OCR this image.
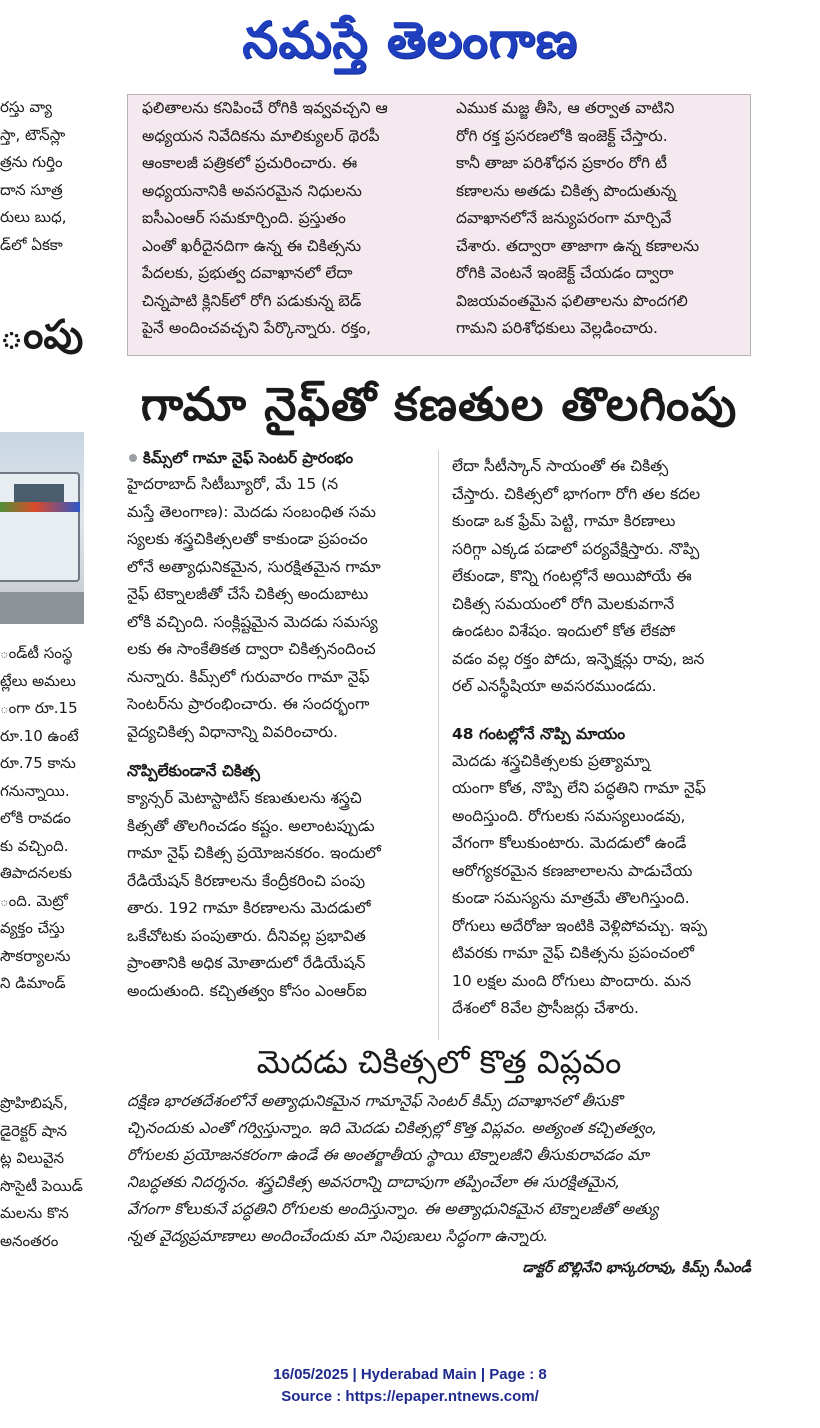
నమస్తే తెలంగాణ
రస్తు వ్యా
స్తా, టౌన్‌స్లా
త్రను గుర్తిం
దాన సూత్ర
రులు బుధ,
డ్‌లో ఏకకా
ంపు
ండ్‌టీ సంస్థ
ట్లేలు అమలు
ంగా రూ.15
రూ.10 ఉంటే
రూ.75 కాను
గనున్నాయి.
లోకి రావడం
కు వచ్చింది.
తిపాదనలకు
ంది. మెట్రో
వ్యక్తం చేస్తు
సౌకర్యాలను
ని డిమాండ్
ప్రొహిబిషన్,
డైరెక్టర్ షాన
ట్ల విలువైన
సొసైటీ పెయిడ్
మలను కొన
అనంతరం
ఫలితాలను కనిపించే రోగికి ఇవ్వవచ్చని ఆ
అధ్యయన నివేదికను మాలిక్యులర్ థెరపీ
ఆంకాలజీ పత్రికలో ప్రచురించారు. ఈ
అధ్యయనానికి అవసరమైన నిధులను
ఐసీఎంఆర్ సమకూర్చింది. ప్రస్తుతం
ఎంతో ఖరీదైనదిగా ఉన్న ఈ చికిత్సను
పేదలకు, ప్రభుత్వ దవాఖానలో లేదా
చిన్నపాటి క్లినిక్‌లో రోగి పడుకున్న బెడ్
పైనే అందించవచ్చని పేర్కొన్నారు. రక్తం,
ఎముక మజ్జ తీసి, ఆ తర్వాత వాటిని
రోగి రక్త ప్రసరణలోకి ఇంజెక్ట్ చేస్తారు.
కానీ తాజా పరిశోధన ప్రకారం రోగి టీ
కణాలను అతడు చికిత్స పొందుతున్న
దవాఖానలోనే జన్యుపరంగా మార్చివే
చేశారు. తద్వారా తాజాగా ఉన్న కణాలను
రోగికి వెంటనే ఇంజెక్ట్ చేయడం ద్వారా
విజయవంతమైన ఫలితాలను పొందగలి
గామని పరిశోధకులు వెల్లడించారు.
గామా నైఫ్‌తో కణతుల తొలగింపు
కిమ్స్‌లో గామా నైఫ్ సెంటర్ ప్రారంభం
హైదరాబాద్ సిటీబ్యూరో, మే 15 (న
మస్తే తెలంగాణ): మెదడు సంబంధిత సమ
స్యలకు శస్త్రచికిత్సలతో కాకుండా ప్రపంచం
లోనే అత్యాధునికమైన, సురక్షితమైన గామా
నైఫ్ టెక్నాలజీతో చేసే చికిత్స అందుబాటు
లోకి వచ్చింది. సంక్లిష్టమైన మెదడు సమస్య
లకు ఈ సాంకేతికత ద్వారా చికిత్సనందించ
నున్నారు. కిమ్స్‌లో గురువారం గామా నైఫ్
సెంటర్‌ను ప్రారంభించారు. ఈ సందర్భంగా
వైద్యచికిత్స విధానాన్ని వివరించారు.
నొప్పిలేకుండానే చికిత్స
క్యాన్సర్ మెటాస్టాటిస్ కణుతులను శస్త్రచి
కిత్సతో తొలగించడం కష్టం. అలాంటప్పుడు
గామా నైఫ్ చికిత్స ప్రయోజనకరం. ఇందులో
రేడియేషన్ కిరణాలను కేంద్రీకరించి పంపు
తారు. 192 గామా కిరణాలను మెదడులో
ఒకేచోటకు పంపుతారు. దీనివల్ల ప్రభావిత
ప్రాంతానికి అధిక మోతాదులో రేడియేషన్
అందుతుంది. కచ్చితత్వం కోసం ఎంఆర్ఐ
లేదా సీటీస్కాన్ సాయంతో ఈ చికిత్స
చేస్తారు. చికిత్సలో భాగంగా రోగి తల కదల
కుండా ఒక ఫ్రేమ్ పెట్టి, గామా కిరణాలు
సరిగ్గా ఎక్కడ పడాలో పర్యవేక్షిస్తారు. నొప్పి
లేకుండా, కొన్ని గంటల్లోనే అయిపోయే ఈ
చికిత్స సమయంలో రోగి మెలకువగానే
ఉండటం విశేషం. ఇందులో కోత లేకపో
వడం వల్ల రక్తం పోదు, ఇన్ఫెక్షన్లు రావు, జన
రల్ ఎనస్థీషియా అవసరముండదు.
48 గంటల్లోనే నొప్పి మాయం
మెదడు శస్త్రచికిత్సలకు ప్రత్యామ్నా
యంగా కోత, నొప్పి లేని పద్ధతిని గామా నైఫ్
అందిస్తుంది. రోగులకు సమస్యలుండవు,
వేగంగా కోలుకుంటారు. మెదడులో ఉండే
ఆరోగ్యకరమైన కణజాలాలను పాడుచేయ
కుండా సమస్యను మాత్రమే తొలగిస్తుంది.
రోగులు అదేరోజు ఇంటికి వెళ్లిపోవచ్చు. ఇప్ప
టివరకు గామా నైఫ్ చికిత్సను ప్రపంచంలో
10 లక్షల మంది రోగులు పొందారు. మన
దేశంలో 8వేల ప్రొసీజర్లు చేశారు.
మెదడు చికిత్సలో కొత్త విప్లవం
దక్షిణ భారతదేశంలోనే అత్యాధునికమైన గామానైఫ్ సెంటర్ కిమ్స్ దవాఖానలో తీసుకొ
చ్చినందుకు ఎంతో గర్విస్తున్నాం. ఇది మెదడు చికిత్సల్లో కొత్త విప్లవం. అత్యంత కచ్చితత్వం,
రోగులకు ప్రయోజనకరంగా ఉండే ఈ అంతర్జాతీయ స్థాయి టెక్నాలజీని తీసుకురావడం మా
నిబద్ధతకు నిదర్శనం. శస్త్రచికిత్స అవసరాన్ని దాదాపుగా తప్పించేలా ఈ సురక్షితమైన,
వేగంగా కోలుకునే పద్ధతిని రోగులకు అందిస్తున్నాం. ఈ అత్యాధునికమైన టెక్నాలజీతో అత్యు
న్నత వైద్యప్రమాణాలు అందించేందుకు మా నిపుణులు సిద్ధంగా ఉన్నారు.
డాక్టర్ బొల్లినేని భాస్కరరావు, కిమ్స్ సీఎండీ
16/05/2025 | Hyderabad Main | Page : 8
Source : https://epaper.ntnews.com/
